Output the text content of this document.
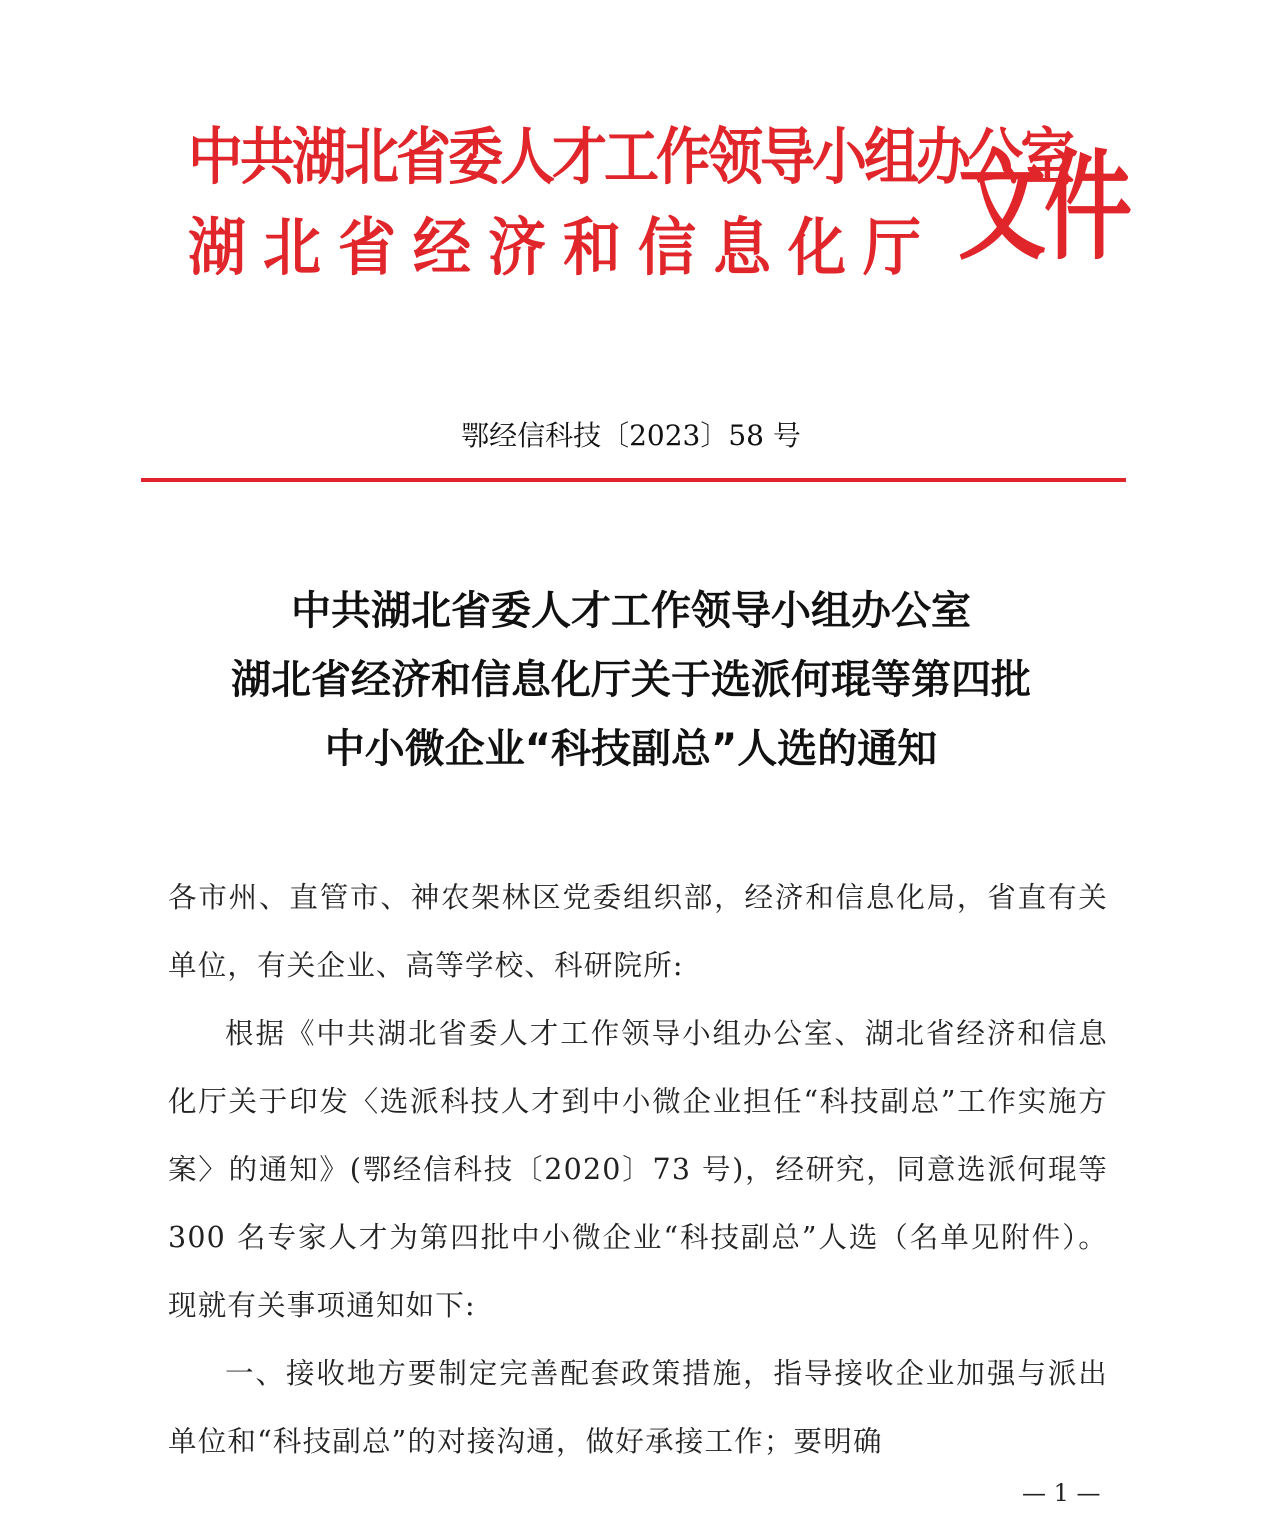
中共湖北省委人才工作领导小组办公室
湖北省经济和信息化厅 文件
鄂经信科技〔2023〕58 号
中共湖北省委人才工作领导小组办公室
湖北省经济和信息化厅关于选派何琨等第四批
中小微企业“科技副总”人选的通知

各市州、直管市、神农架林区党委组织部，经济和信息化局，省直有关单位，有关企业、高等学校、科研院所:

根据《中共湖北省委人才工作领导小组办公室、湖北省经济和信息化厅关于印发〈选派科技人才到中小微企业担任“科技副总”工作实施方案〉的通知》(鄂经信科技〔2020〕73 号)，经研究，同意选派何琨等 300 名专家人才为第四批中小微企业“科技副总”人选（名单见附件）。现就有关事项通知如下:

一、接收地方要制定完善配套政策措施，指导接收企业加强与派出单位和“科技副总”的对接沟通，做好承接工作；要明确

— 1 —
